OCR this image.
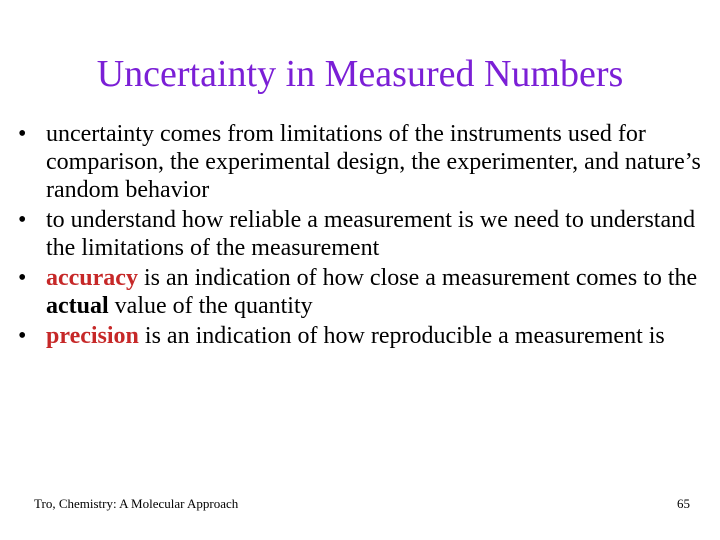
Uncertainty in Measured Numbers
• uncertainty comes from limitations of the instruments used for comparison, the experimental design, the experimenter, and nature’s random behavior
• to understand how reliable a measurement is we need to understand the limitations of the measurement
• accuracy is an indication of how close a measurement comes to the actual value of the quantity
• precision is an indication of how reproducible a measurement is
Tro, Chemistry: A Molecular Approach	65
